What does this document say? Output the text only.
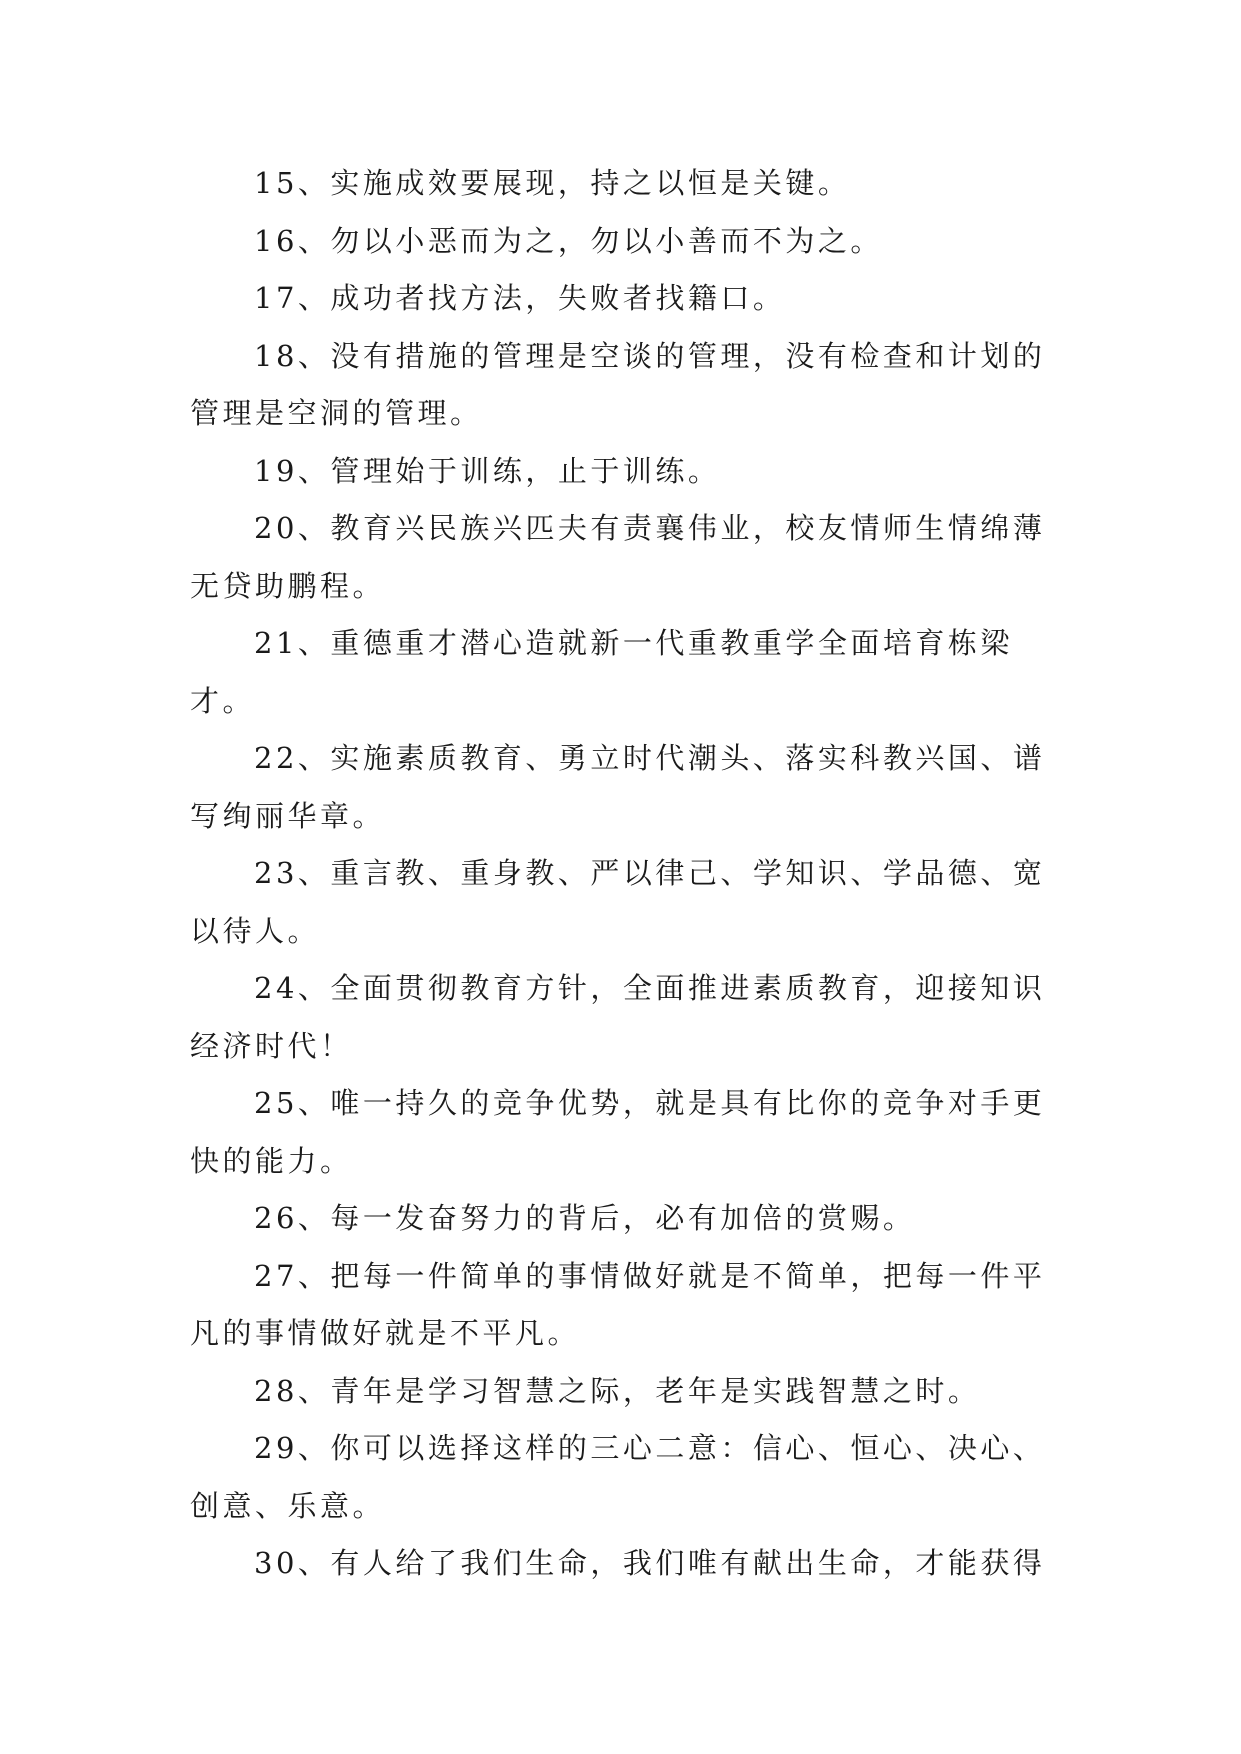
15、实施成效要展现，持之以恒是关键。

16、勿以小恶而为之，勿以小善而不为之。

17、成功者找方法，失败者找籍口。

18、没有措施的管理是空谈的管理，没有检查和计划的管理是空洞的管理。

19、管理始于训练，止于训练。

20、教育兴民族兴匹夫有责襄伟业，校友情师生情绵薄无贷助鹏程。

21、重德重才潜心造就新一代重教重学全面培育栋梁才。

22、实施素质教育、勇立时代潮头、落实科教兴国、谱写绚丽华章。

23、重言教、重身教、严以律己、学知识、学品德、宽以待人。

24、全面贯彻教育方针，全面推进素质教育，迎接知识经济时代！

25、唯一持久的竞争优势，就是具有比你的竞争对手更快的能力。

26、每一发奋努力的背后，必有加倍的赏赐。

27、把每一件简单的事情做好就是不简单，把每一件平凡的事情做好就是不平凡。

28、青年是学习智慧之际，老年是实践智慧之时。

29、你可以选择这样的三心二意：信心、恒心、决心、创意、乐意。

30、有人给了我们生命，我们唯有献出生命，才能获得
